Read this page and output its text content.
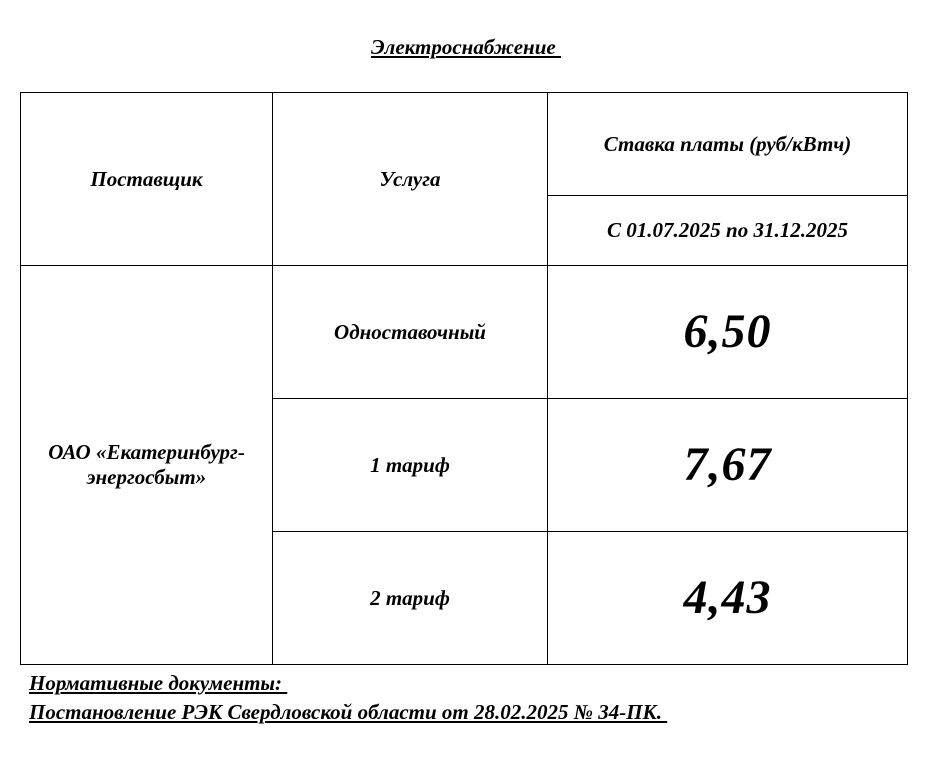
Электроснабжение
Поставщик	Услуга	Ставка платы (руб/кВтч)
		С 01.07.2025 по 31.12.2025
ОАО «Екатеринбург-энергосбыт»	Одноставочный	6,50
	1 тариф	7,67
	2 тариф	4,43
Нормативные документы:
Постановление РЭК Свердловской области от 28.02.2025 № 34-ПК.
